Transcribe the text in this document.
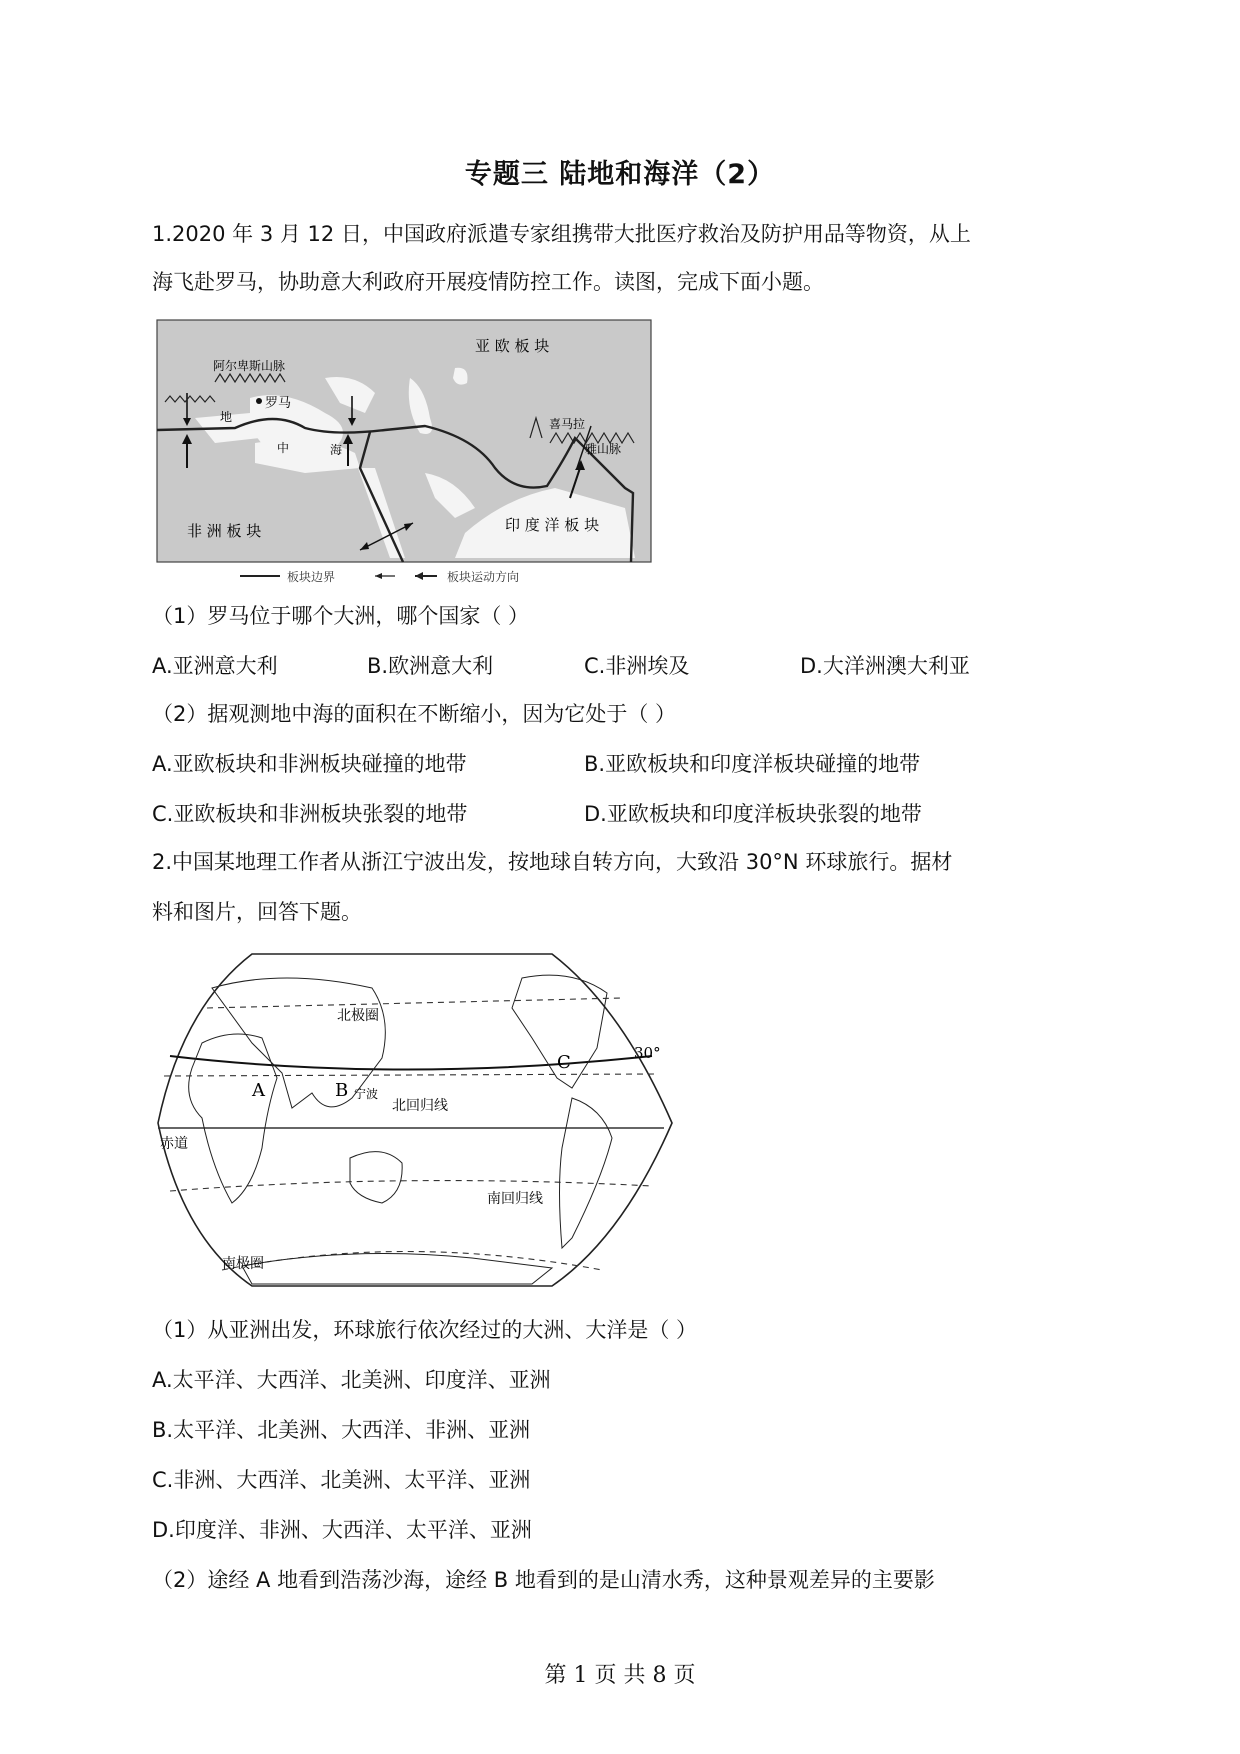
专题三 陆地和海洋（2）
1.2020 年 3 月 12 日，中国政府派遣专家组携带大批医疗救治及防护用品等物资，从上
海飞赴罗马，协助意大利政府开展疫情防控工作。读图，完成下面小题。
亚 欧 板 块
非 洲 板 块	印 度 洋 板 块
阿尔卑斯山脉
罗马
地
中	海
喜马拉
雅山脉
板块边界	板块运动方向
（1）罗马位于哪个大洲，哪个国家（ ）
A.亚洲意大利	B.欧洲意大利	C.非洲埃及	D.大洋洲澳大利亚
（2）据观测地中海的面积在不断缩小，因为它处于（ ）
A.亚欧板块和非洲板块碰撞的地带	B.亚欧板块和印度洋板块碰撞的地带
C.亚欧板块和非洲板块张裂的地带	D.亚欧板块和印度洋板块张裂的地带
2.中国某地理工作者从浙江宁波出发，按地球自转方向，大致沿 30°N 环球旅行。据材
料和图片，回答下题。
北极圈
30°
A	B
C
宁波
北回归线
赤道
南回归线
南极圈
（1）从亚洲出发，环球旅行依次经过的大洲、大洋是（ ）
A.太平洋、大西洋、北美洲、印度洋、亚洲
B.太平洋、北美洲、大西洋、非洲、亚洲
C.非洲、大西洋、北美洲、太平洋、亚洲
D.印度洋、非洲、大西洋、太平洋、亚洲
（2）途经 A 地看到浩荡沙海，途经 B 地看到的是山清水秀，这种景观差异的主要影
第 1 页 共 8 页
